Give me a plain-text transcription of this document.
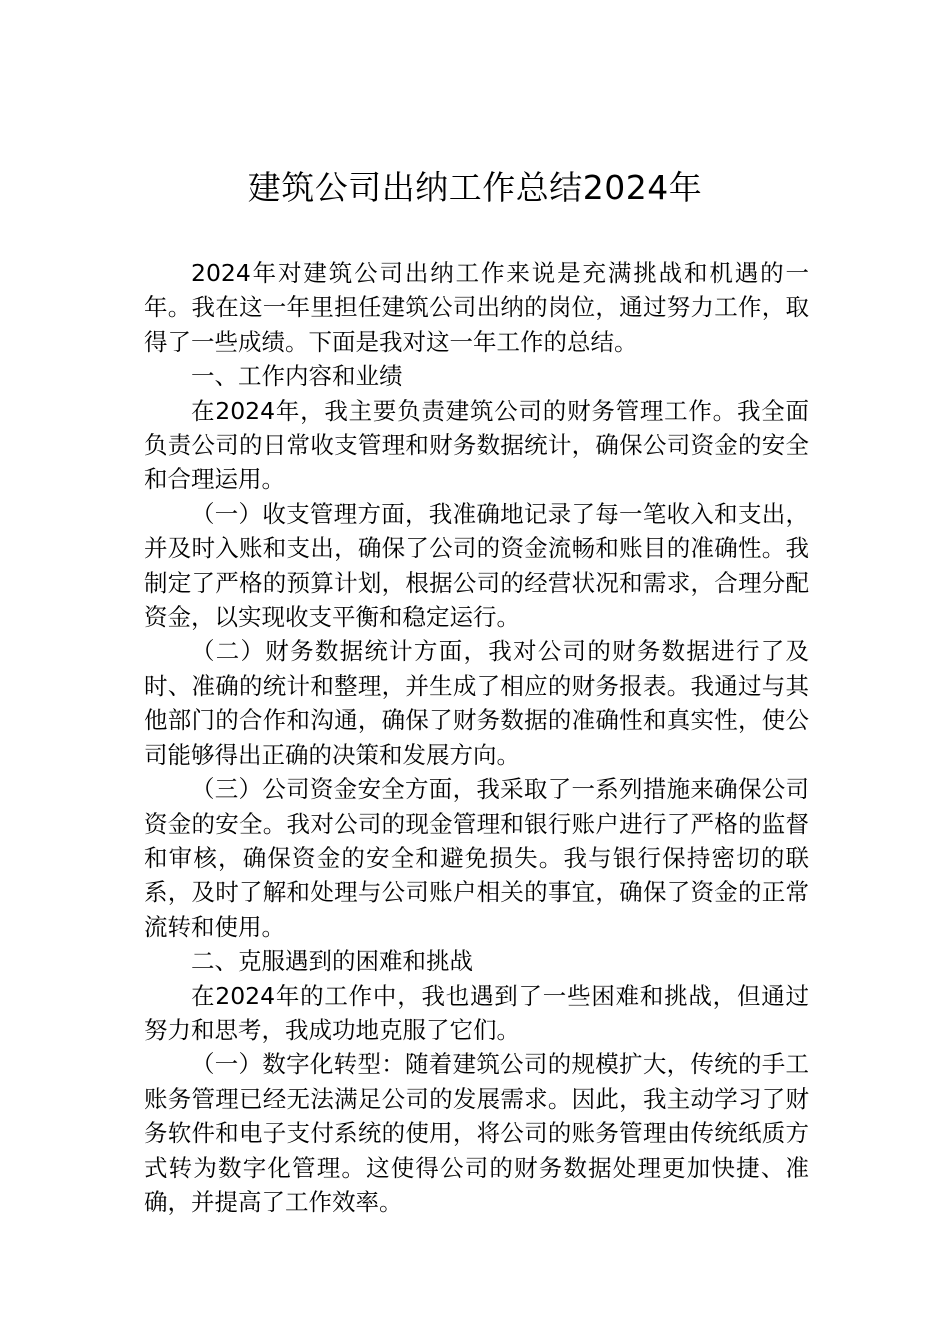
建筑公司出纳工作总结2024年

2024年对建筑公司出纳工作来说是充满挑战和机遇的一年。我在这一年里担任建筑公司出纳的岗位，通过努力工作，取得了一些成绩。下面是我对这一年工作的总结。

一、工作内容和业绩

在2024年，我主要负责建筑公司的财务管理工作。我全面负责公司的日常收支管理和财务数据统计，确保公司资金的安全和合理运用。

（一）收支管理方面，我准确地记录了每一笔收入和支出，并及时入账和支出，确保了公司的资金流畅和账目的准确性。我制定了严格的预算计划，根据公司的经营状况和需求，合理分配资金，以实现收支平衡和稳定运行。

（二）财务数据统计方面，我对公司的财务数据进行了及时、准确的统计和整理，并生成了相应的财务报表。我通过与其他部门的合作和沟通，确保了财务数据的准确性和真实性，使公司能够得出正确的决策和发展方向。

（三）公司资金安全方面，我采取了一系列措施来确保公司资金的安全。我对公司的现金管理和银行账户进行了严格的监督和审核，确保资金的安全和避免损失。我与银行保持密切的联系，及时了解和处理与公司账户相关的事宜，确保了资金的正常流转和使用。

二、克服遇到的困难和挑战

在2024年的工作中，我也遇到了一些困难和挑战，但通过努力和思考，我成功地克服了它们。

（一）数字化转型：随着建筑公司的规模扩大，传统的手工账务管理已经无法满足公司的发展需求。因此，我主动学习了财务软件和电子支付系统的使用，将公司的账务管理由传统纸质方式转为数字化管理。这使得公司的财务数据处理更加快捷、准确，并提高了工作效率。
